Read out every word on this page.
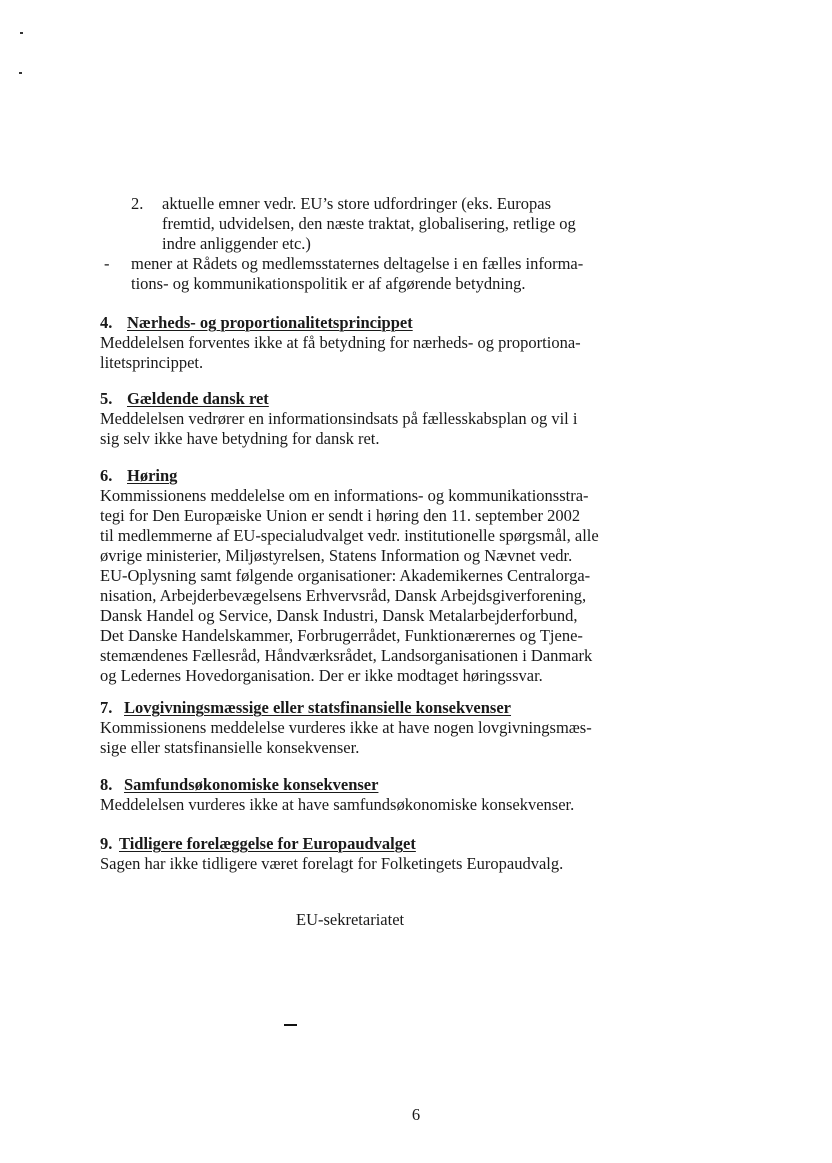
2. aktuelle emner vedr. EU’s store udfordringer (eks. Europas
fremtid, udvidelsen, den næste traktat, globalisering, retlige og
indre anliggender etc.)
- mener at Rådets og medlemsstaternes deltagelse i en fælles informa-
tions- og kommunikationspolitik er af afgørende betydning.
4. Nærheds- og proportionalitetsprincippet
Meddelelsen forventes ikke at få betydning for nærheds- og proportiona-
litetsprincippet.
5. Gældende dansk ret
Meddelelsen vedrører en informationsindsats på fællesskabsplan og vil i
sig selv ikke have betydning for dansk ret.
6. Høring
Kommissionens meddelelse om en informations- og kommunikationsstra-
tegi for Den Europæiske Union er sendt i høring den 11. september 2002
til medlemmerne af EU-specialudvalget vedr. institutionelle spørgsmål, alle
øvrige ministerier, Miljøstyrelsen, Statens Information og Nævnet vedr.
EU-Oplysning samt følgende organisationer: Akademikernes Centralorga-
nisation, Arbejderbevægelsens Erhvervsråd, Dansk Arbejdsgiverforening,
Dansk Handel og Service, Dansk Industri, Dansk Metalarbejderforbund,
Det Danske Handelskammer, Forbrugerrådet, Funktionærernes og Tjene-
stemændenes Fællesråd, Håndværksrådet, Landsorganisationen i Danmark
og Ledernes Hovedorganisation. Der er ikke modtaget høringssvar.
7. Lovgivningsmæssige eller statsfinansielle konsekvenser
Kommissionens meddelelse vurderes ikke at have nogen lovgivningsmæs-
sige eller statsfinansielle konsekvenser.
8. Samfundsøkonomiske konsekvenser
Meddelelsen vurderes ikke at have samfundsøkonomiske konsekvenser.
9. Tidligere forelæggelse for Europaudvalget
Sagen har ikke tidligere været forelagt for Folketingets Europaudvalg.
EU-sekretariatet
6
